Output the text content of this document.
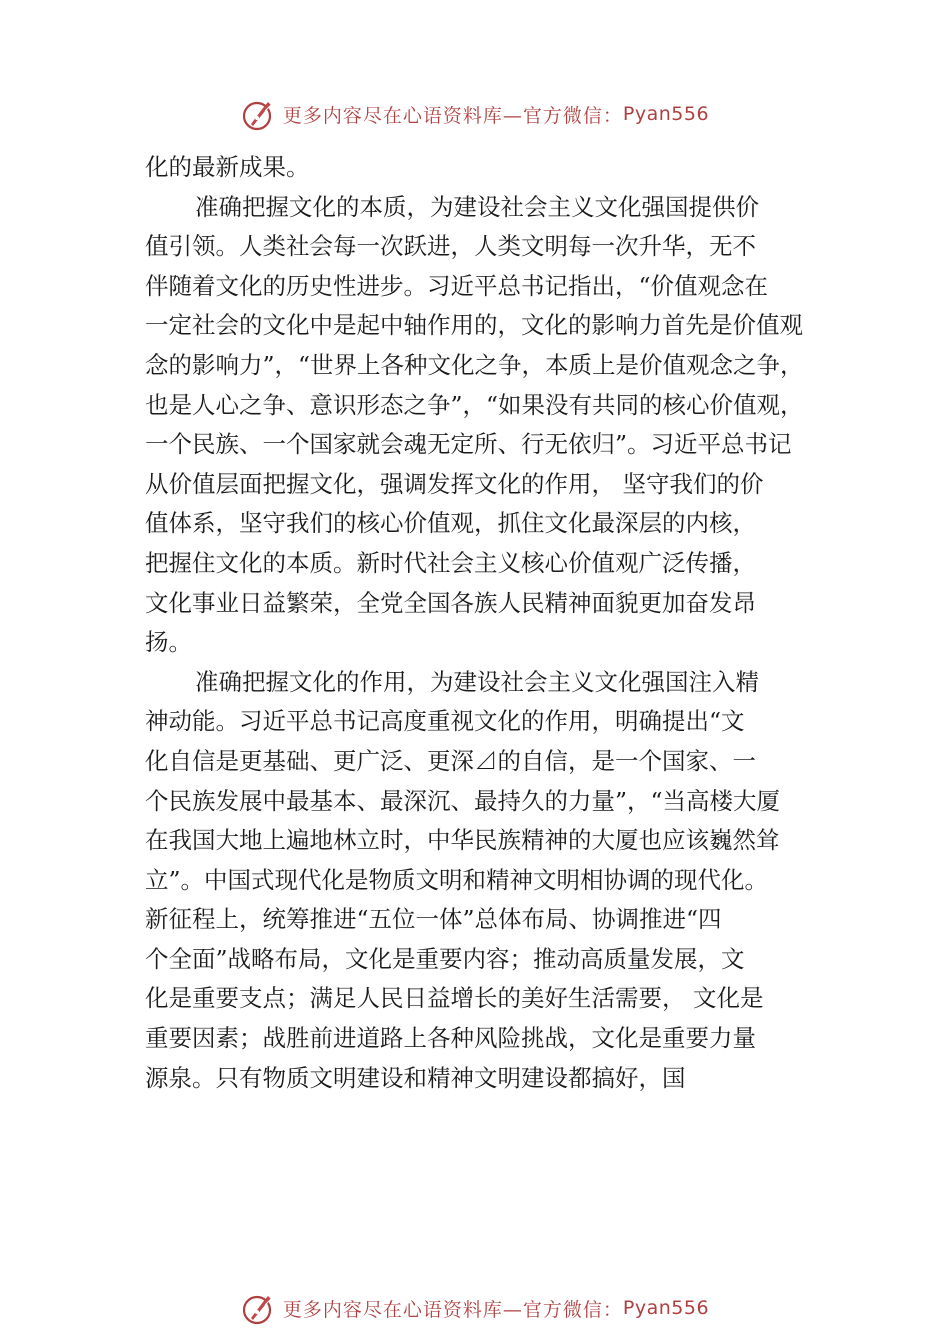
更多内容尽在心语资料库—官方微信： Pyan556
化的最新成果。
准确把握文化的本质，为建设社会主义文化强国提供价
值引领。人类社会每一次跃进，人类文明每一次升华，无不
伴随着文化的历史性进步。习近平总书记指出，“价值观念在
一定社会的文化中是起中轴作用的，文化的影响力首先是价值观
念的影响力”，“世界上各种文化之争，本质上是价值观念之争，
也是人心之争、意识形态之争”，“如果没有共同的核心价值观，
一个民族、一个国家就会魂无定所、行无依归”。习近平总书记
从价值层面把握文化，强调发挥文化的作用， 坚守我们的价
值体系，坚守我们的核心价值观，抓住文化最深层的内核，
把握住文化的本质。新时代社会主义核心价值观广泛传播，
文化事业日益繁荣，全党全国各族人民精神面貌更加奋发昂
扬。
准确把握文化的作用，为建设社会主义文化强国注入精
神动能。习近平总书记高度重视文化的作用，明确提出“文
化自信是更基础、更广泛、更深⊿的自信，是一个国家、一
个民族发展中最基本、最深沉、最持久的力量”，“当高楼大厦
在我国大地上遍地林立时，中华民族精神的大厦也应该巍然耸
立”。中国式现代化是物质文明和精神文明相协调的现代化。
新征程上，统筹推进“五位一体”总体布局、协调推进“四
个全面”战略布局，文化是重要内容；推动高质量发展，文
化是重要支点；满足人民日益增长的美好生活需要， 文化是
重要因素；战胜前进道路上各种风险挑战，文化是重要力量
源泉。只有物质文明建设和精神文明建设都搞好，国
更多内容尽在心语资料库—官方微信： Pyan556
